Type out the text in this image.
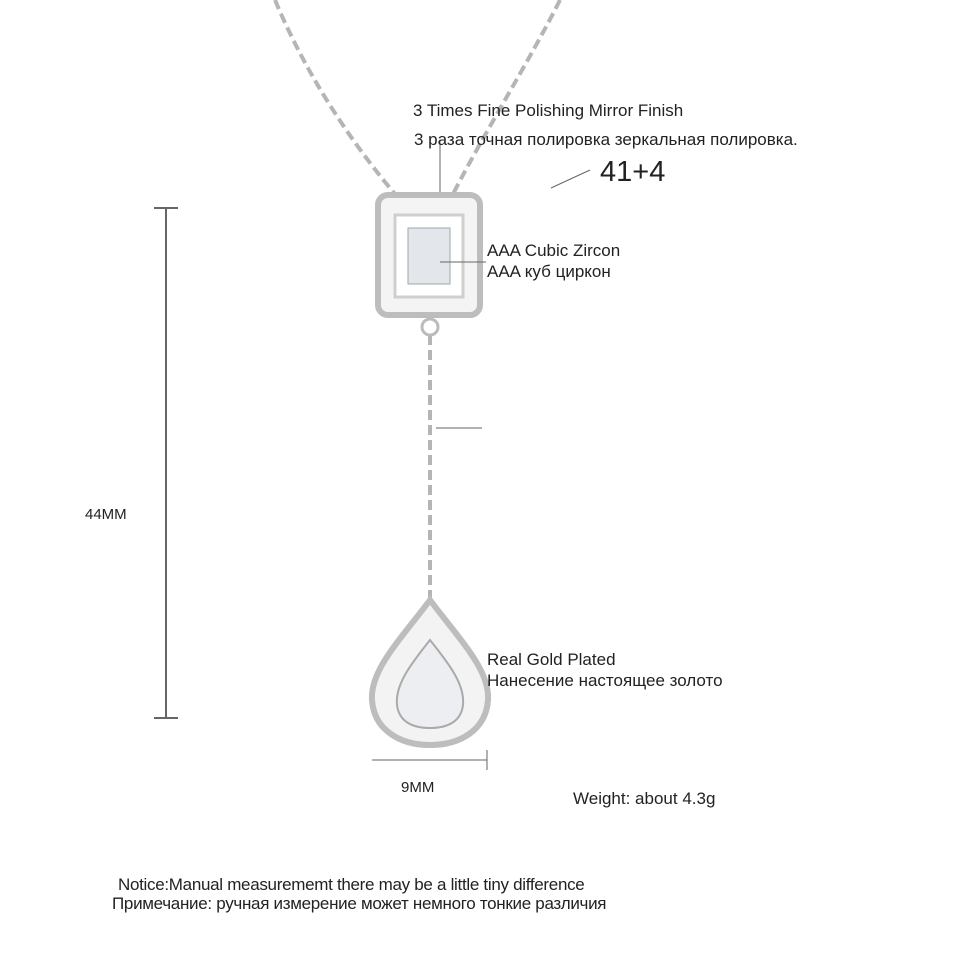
3 Times Fine Polishing Mirror Finish
3 раза точная полировка зеркальная полировка.
41+4
AAA Cubic Zircon
AAA куб циркон
Real Gold Plated
Нанесение настоящее золото
44MM
9MM
Weight: about 4.3g
Notice:Manual measurememt there may be a little tiny difference
Примечание: ручная измерение может немного тонкие различия
